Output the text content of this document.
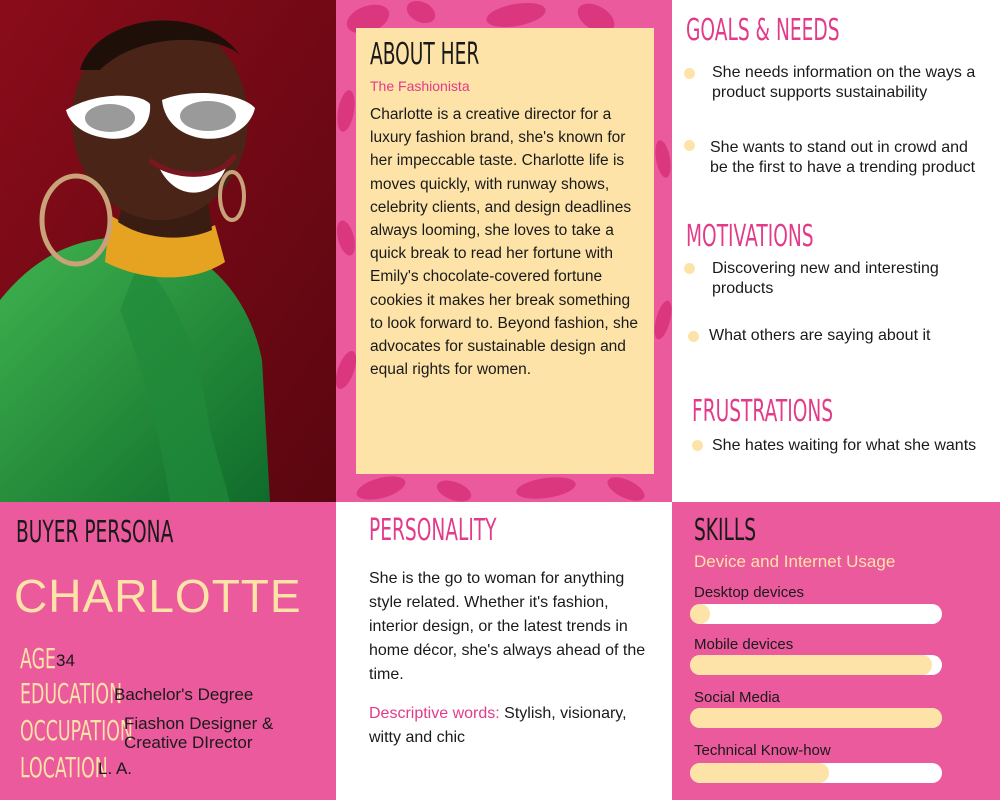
ABOUT HER
The Fashionista
Charlotte is a creative director for a luxury fashion brand, she's known for her impeccable taste. Charlotte life is moves quickly, with runway shows, celebrity clients, and design deadlines always looming, she loves to take a quick break to read her fortune with Emily's chocolate-covered fortune cookies it makes her break something to look forward to. Beyond fashion, she advocates for sustainable design and equal rights for women.
GOALS & NEEDS
She needs information on the ways a product supports sustainability
She wants to stand out in crowd and be the first to have a trending product
MOTIVATIONS
Discovering new and interesting products
What others are saying about it
FRUSTRATIONS
She hates waiting for what she wants
BUYER PERSONA
CHARLOTTE
AGE 34
EDUCATION
Bachelor's Degree
OCCUPATION
Fiashon Designer &
Creative DIrector
LOCATION
L. A.
PERSONALITY
She is the go to woman for anything style related. Whether it's fashion, interior design, or the latest trends in home décor, she's always ahead of the time.
Descriptive words: Stylish, visionary, witty and chic
SKILLS
Device and Internet Usage
Desktop devices
Mobile devices
Social Media
Technical Know-how
